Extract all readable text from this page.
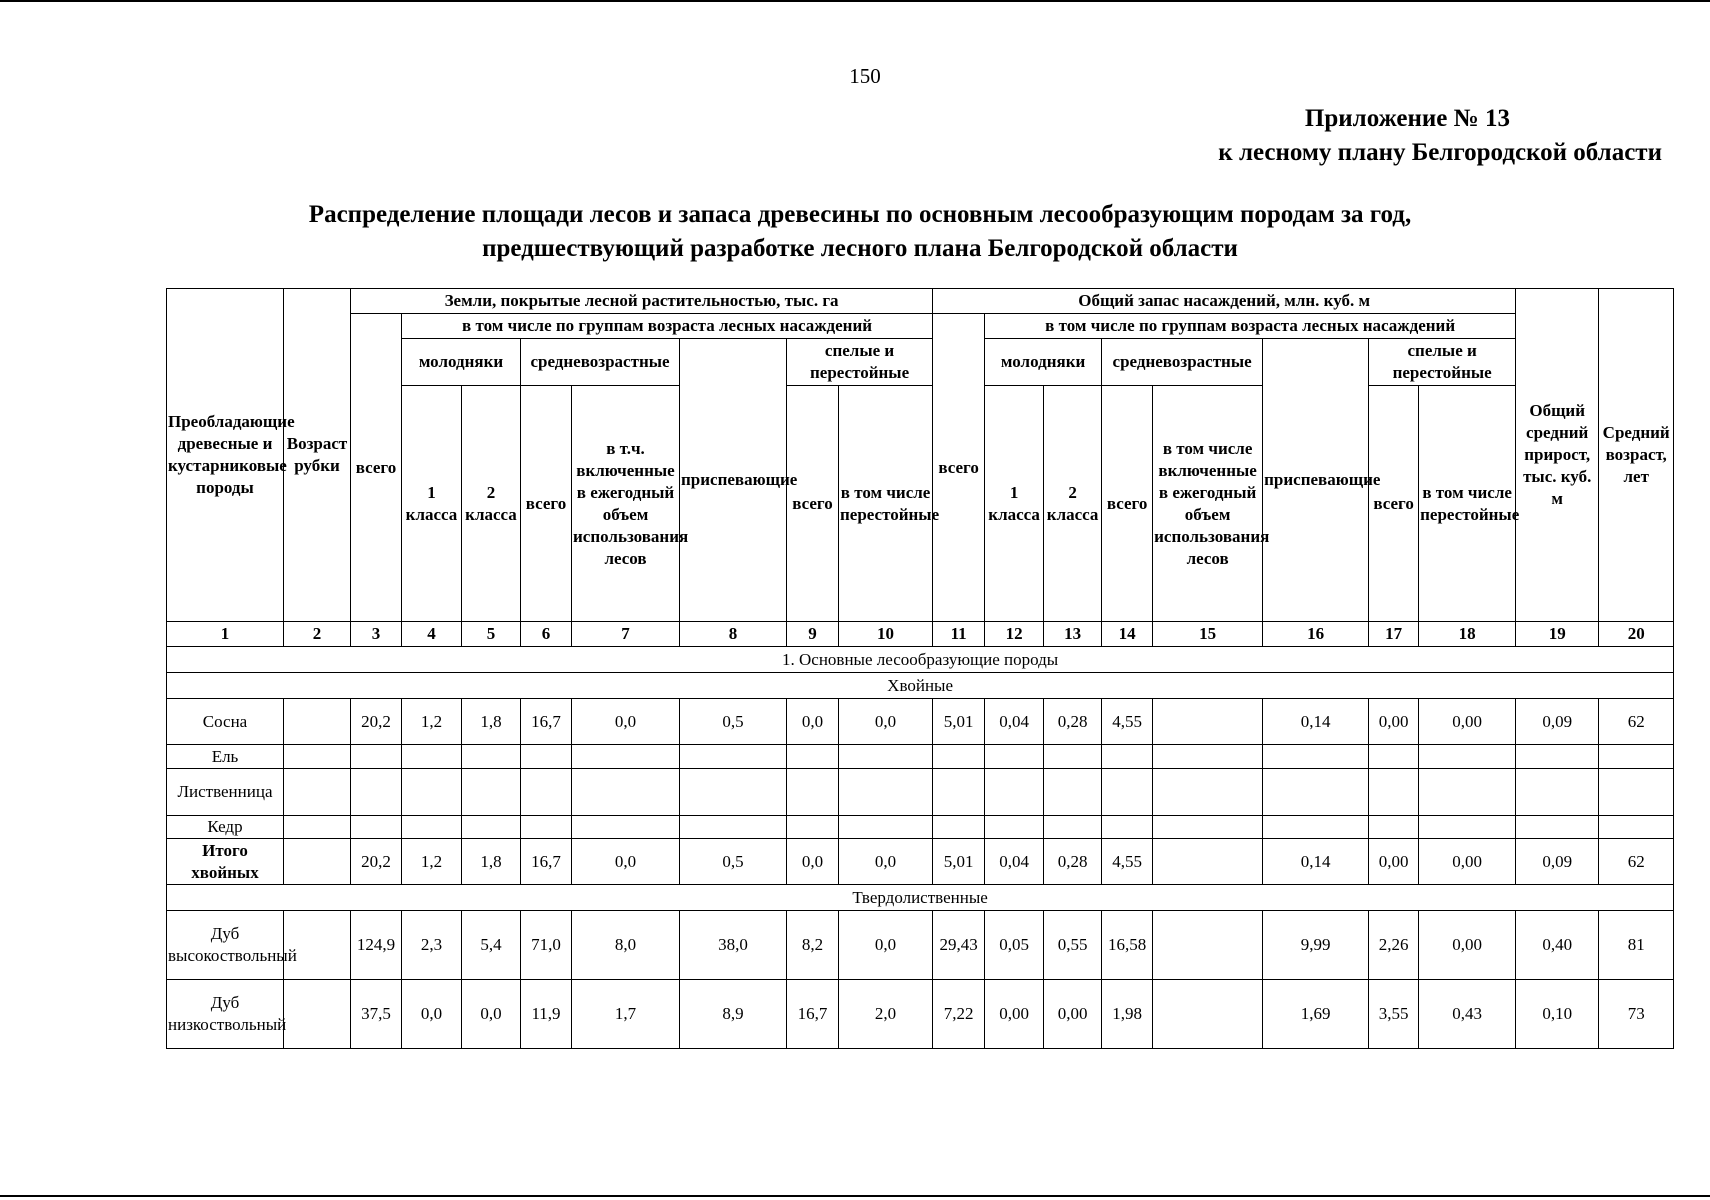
150
Приложение № 13
к лесному плану Белгородской области
Распределение площади лесов и запаса древесины по основным лесообразующим породам за год,
предшествующий разработке лесного плана Белгородской области
Преобладающие древесные и кустарниковые породы	Возраст рубки	Земли, покрытые лесной растительностью, тыс. га								Общий запас насаждений, млн. куб. м								Общий средний прирост, тыс. куб. м	Средний возраст, лет
		всего	в том числе по группам возраста лесных насаждений							всего	в том числе по группам возраста лесных насаждений								
			молодняки		средневозрастные		приспевающие	спелые и перестойные			молодняки		средневозрастные		приспевающие	спелые и перестойные			
			1 класса	2 класса	всего	в т.ч. включенные в ежегодный объем использования лесов		всего	в том числе перестойные		1 класса	2 класса	всего	в том числе включенные в ежегодный объем использования лесов		всего	в том числе перестойные		
1	2	3	4	5	6	7	8	9	10	11	12	13	14	15	16	17	18	19	20
1. Основные лесообразующие породы																			
Хвойные																			
Сосна		20,2	1,2	1,8	16,7	0,0	0,5	0,0	0,0	5,01	0,04	0,28	4,55		0,14	0,00	0,00	0,09	62
Ель																			
Лиственница																			
Кедр																			
Итого хвойных		20,2	1,2	1,8	16,7	0,0	0,5	0,0	0,0	5,01	0,04	0,28	4,55		0,14	0,00	0,00	0,09	62
Твердолиственные																			
Дуб высокоствольный		124,9	2,3	5,4	71,0	8,0	38,0	8,2	0,0	29,43	0,05	0,55	16,58		9,99	2,26	0,00	0,40	81
Дуб низкоствольный		37,5	0,0	0,0	11,9	1,7	8,9	16,7	2,0	7,22	0,00	0,00	1,98		1,69	3,55	0,43	0,10	73
